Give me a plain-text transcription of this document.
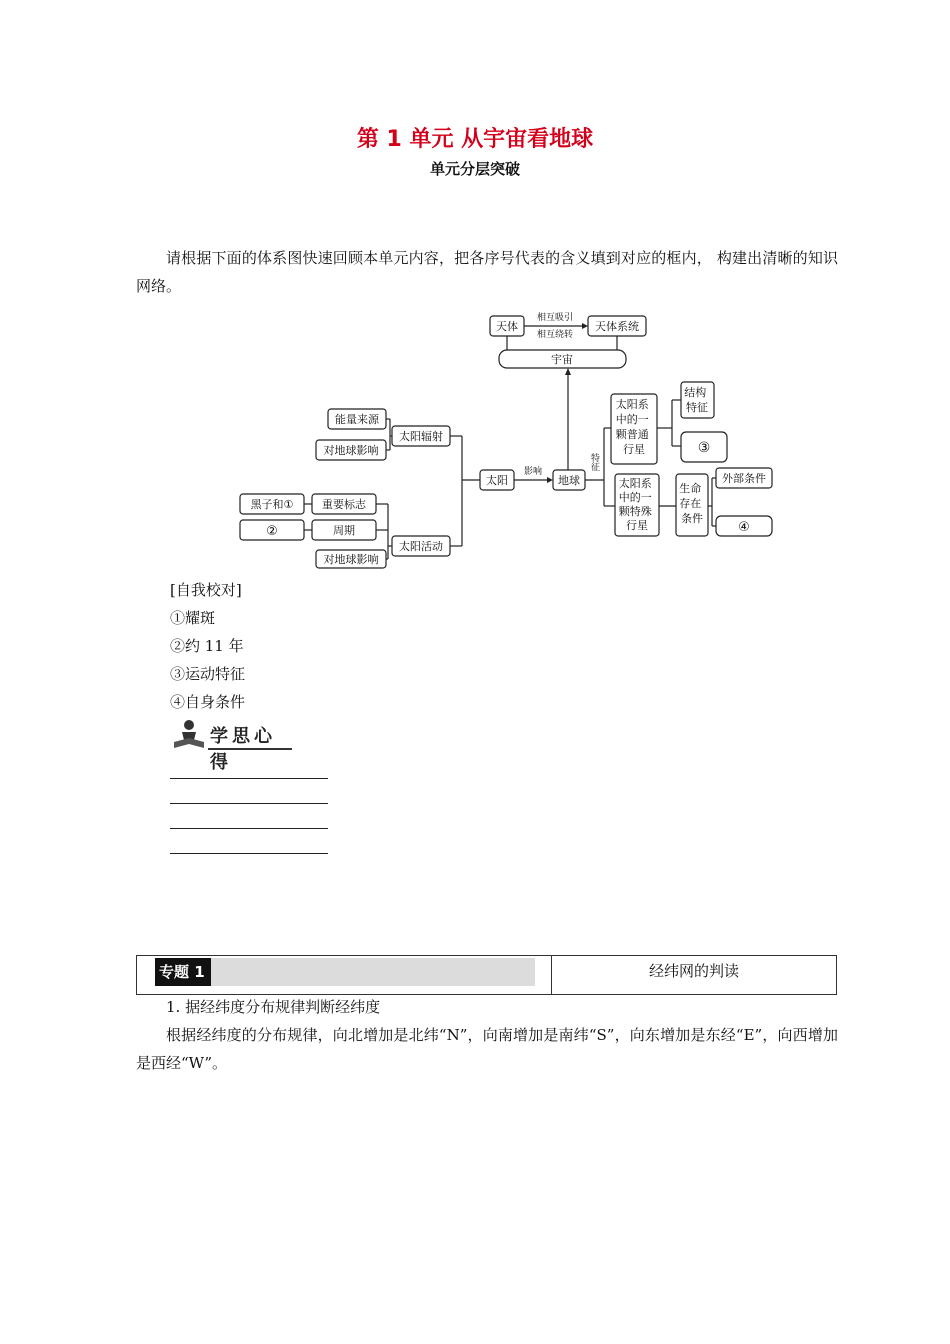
第 1 单元 从宇宙看地球
单元分层突破
请根据下面的体系图快速回顾本单元内容，把各序号代表的含义填到对应的框内， 构建出清晰的知识网络。
天体
相互吸引
相互绕转
天体系统
宇宙
能量来源
对地球影响
太阳辐射
黑子和①	重要标志
②	周期
对地球影响
太阳活动
太阳
影响
地球
特征
太阳系 中的一 颗普通 行星
太阳系 中的一 颗特殊 行星
结构 特征
③
生命 存在 条件
外部条件
④
[自我校对]
①耀斑
②约 11 年
③运动特征
④自身条件
学思心得
专题 1	经纬网的判读
1. 据经纬度分布规律判断经纬度
根据经纬度的分布规律，向北增加是北纬“N”，向南增加是南纬“S”，向东增加是东经“E”，向西增加是西经“W”。
